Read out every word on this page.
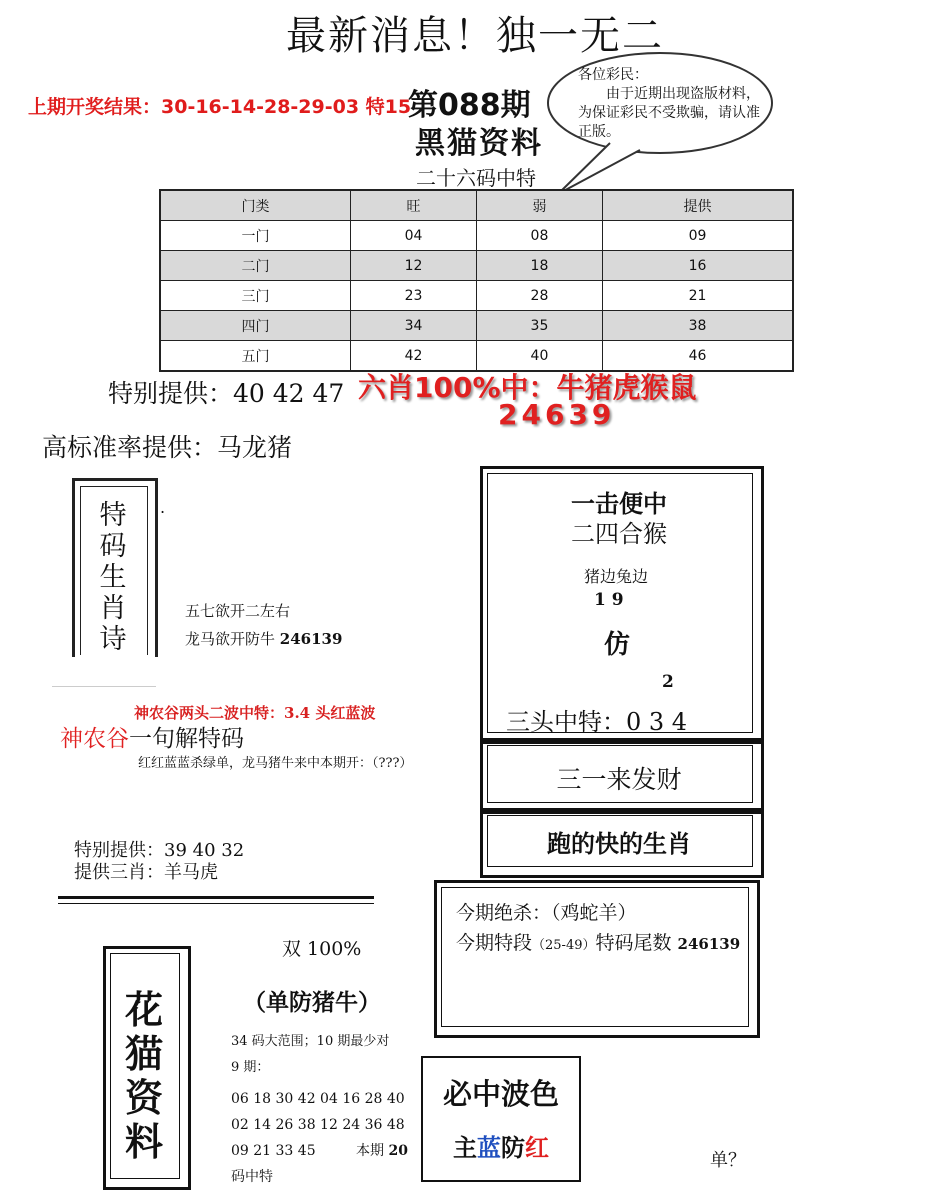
最新消息！独一无二
上期开奖结果：30-16-14-28-29-03 特15
第088期
黑猫资料
二十六码中特
各位彩民：
由于近期出现盗版材料，为保证彩民不受欺骗，请认准正版。
门类	旺	弱	提供
一门	04	08	09
二门	12	18	16
三门	23	28	21
四门	34	35	38
五门	42	40	46
特别提供：40 42 47 六肖100%中：牛猪虎猴鼠
24639
高标准率提供：马龙猪
特
码
生
肖
诗
.
五七欲开二左右
龙马欲开防牛 246139
神农谷两头二波中特：3.4 头红蓝波
神农谷一句解特码
红红蓝蓝杀绿单，龙马猪牛来中本期开：（???）
特别提供：39 40 32
提供三肖：羊马虎
一击便中
二四合猴
猪边兔边
1 9
仿
2
三头中特：0 3 4
三一来发财
跑的快的生肖
今期绝杀：（鸡蛇羊）
今期特段（25-49）特码尾数 246139
双 100%
（单防猪牛）
花
猫
资
料
34 码大范围；10 期最少对
9 期：
06 18 30 42 04 16 28 40
02 14 26 38 12 24 36 48
09 21 33 45	本期 20
码中特
必中波色
主蓝防红	单？
